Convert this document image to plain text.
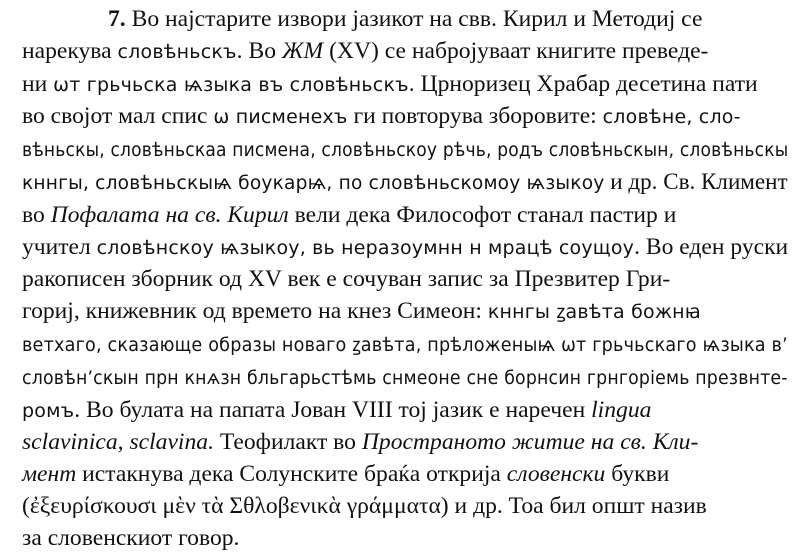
7. Во најстарите извори јазикот на свв. Кирил и Методиј се
нарекува словѣньскъ. Во ЖМ (XV) се набројуваат книгите преведе-
ни ѡт грьчьска ѩзыка въ словѣньскъ. Црноризец Храбар десетина пати
во својот мал спис ѡ писменехъ ги повторува зборовите: словѣне, сло-
вѣньскы, словѣньскаа писмена, словѣньскоу рѣчь, родъ словѣньскын, словѣньскы
кннгы, словѣньскыѩ боукарѩ, по словѣньскомоу ѩзыкоу и др. Св. Климент
во Пофалата на св. Кирил вели дека Философот станал пастир и
учител словѣнскоу ѩзыкоу, вь неразоумнн н мрацѣ соущоу. Во еден руски
ракописен зборник од XV век е сочуван запис за Презвитер Гри-
гориј, книжевник од времето на кнез Симеон: кннгы ꙁавѣта божнꙗ
ветхаго, сказающе образы новаго ꙁавѣта, прѣложеныѩ ѡт грьчьскаго ѩзыка в’
словѣн’скын прн кнѧзн бльгарьстѣмь снмеоне сне борнсин грнгоріемь презвнте-
ромъ. Во булата на папата Јован VIII тој јазик е наречен lingua
sclavinica, sclavina. Теофилакт во Пространото житие на св. Кли-
мент истакнува дека Солунските браќа открија словенски букви
(ἐξευρίσκουσι μὲν τὰ Σθλοβενικὰ γράμματα) и др. Тоа бил општ назив
за словенскиот говор.
